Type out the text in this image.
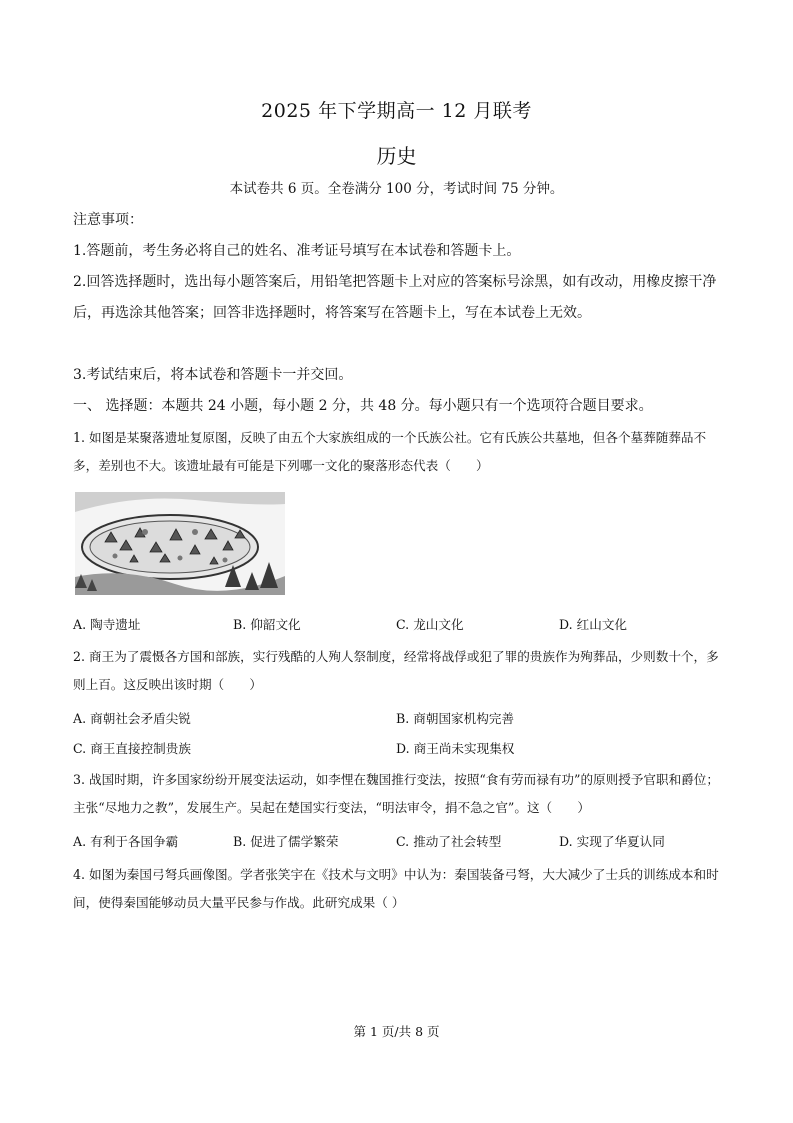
2025 年下学期高一 12 月联考
历史
本试卷共 6 页。全卷满分 100 分，考试时间 75 分钟。
注意事项：
1.答题前，考生务必将自己的姓名、准考证号填写在本试卷和答题卡上。
2.回答选择题时，选出每小题答案后，用铅笔把答题卡上对应的答案标号涂黑，如有改动，用橡皮擦干净后，再选涂其他答案；回答非选择题时，将答案写在答题卡上，写在本试卷上无效。
3.考试结束后，将本试卷和答题卡一并交回。
一、 选择题：本题共 24 小题，每小题 2 分，共 48 分。每小题只有一个选项符合题目要求。
1. 如图是某聚落遗址复原图，反映了由五个大家族组成的一个氏族公社。它有氏族公共墓地，但各个墓葬随葬品不多，差别也不大。该遗址最有可能是下列哪一文化的聚落形态代表（　　）
A. 陶寺遗址	B. 仰韶文化	C. 龙山文化	D. 红山文化
2. 商王为了震慑各方国和部族，实行残酷的人殉人祭制度，经常将战俘或犯了罪的贵族作为殉葬品，少则数十个，多则上百。这反映出该时期（　　）
A. 商朝社会矛盾尖锐	B. 商朝国家机构完善
C. 商王直接控制贵族	D. 商王尚未实现集权
3. 战国时期，许多国家纷纷开展变法运动，如李悝在魏国推行变法，按照“食有劳而禄有功”的原则授予官职和爵位；主张“尽地力之教”，发展生产。吴起在楚国实行变法，“明法审令，捐不急之官”。这（　　）
A. 有利于各国争霸	B. 促进了儒学繁荣	C. 推动了社会转型	D. 实现了华夏认同
4. 如图为秦国弓弩兵画像图。学者张笑宇在《技术与文明》中认为：秦国装备弓弩，大大减少了士兵的训练成本和时间，使得秦国能够动员大量平民参与作战。此研究成果（ ）
第 1 页/共 8 页
